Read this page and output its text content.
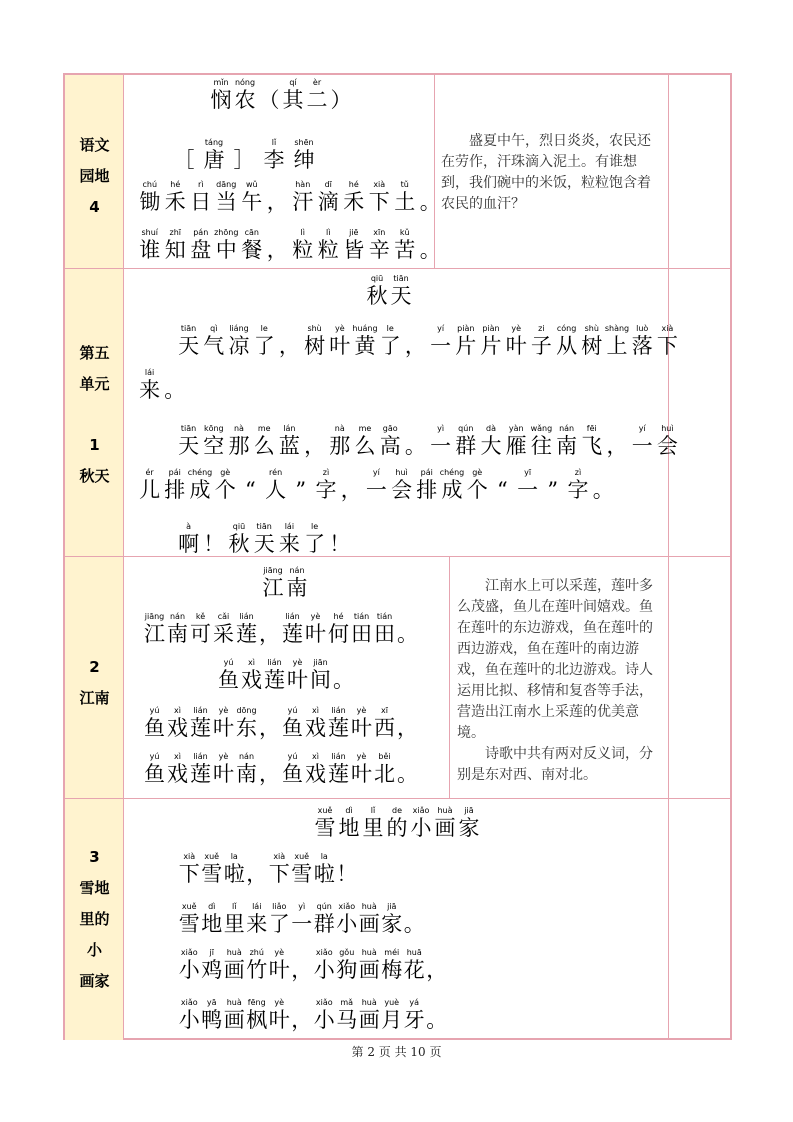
语文
园地
4

盛夏中午，烈日炎炎，农民还在劳作，汗珠滴入泥土。有谁想到，我们碗中的米饭，粒粒饱含着农民的血汗？

mǐn
悯
nóng
农 （
qí
其
èr
二 ）
［
táng
唐 ］
lǐ
李
shēn
绅
chú
锄
hé
禾
rì
日
dāng
当
wǔ
午 ，
hàn
汗
dī
滴
hé
禾
xià
下
tǔ
土 。
shuí
谁
zhī
知
pán
盘
zhōng
中
cān
餐 ，
lì
粒
lì
粒
jiē
皆
xīn
辛
kǔ
苦 。
第五
单元
1
秋天
qiū
秋
tiān
天
tiān
天
qì
气
liáng
凉
le
了 ，
shù
树
yè
叶
huáng
黄
le
了 ，
yí
一
piàn
片
piàn
片
yè
叶
zi
子
cóng
从
shù
树
shàng
上
luò
落
xià
下
lái
来 。
tiān
天
kōng
空
nà
那
me
么
lán
蓝 ，
nà
那
me
么
gāo
高 。
yì
一
qún
群
dà
大
yàn
雁
wǎng
往
nán
南
fēi
飞 ，
yí
一
huì
会
ér
儿
pái
排
chéng
成
gè
个 “
rén
人 ”
zì
字 ，
yí
一
huì
会
pái
排
chéng
成
gè
个 “
yī
一 ”
zì
字 。
à
啊 ！
qiū
秋
tiān
天
lái
来
le
了 ！
2
江南

江南水上可以采莲，莲叶多么茂盛，鱼儿在莲叶间嬉戏。鱼在莲叶的东边游戏，鱼在莲叶的西边游戏，鱼在莲叶的南边游戏，鱼在莲叶的北边游戏。诗人运用比拟、移情和复沓等手法，营造出江南水上采莲的优美意境。

诗歌中共有两对反义词，分别是东对西、南对北。

jiāng
江
nán
南
jiāng
江
nán
南
kě
可
cǎi
采
lián
莲 ，
lián
莲
yè
叶
hé
何
tián
田
tián
田 。
yú
鱼
xì
戏
lián
莲
yè
叶
jiān
间 。
yú
鱼
xì
戏
lián
莲
yè
叶
dōng
东 ，
yú
鱼
xì
戏
lián
莲
yè
叶
xī
西 ，
yú
鱼
xì
戏
lián
莲
yè
叶
nán
南 ，
yú
鱼
xì
戏
lián
莲
yè
叶
běi
北 。
3
雪地
里的
小
画家
xuě
雪
dì
地
lǐ
里
de
的
xiǎo
小
huà
画
jiā
家
xià
下
xuě
雪
la
啦 ，
xià
下
xuě
雪
la
啦 ！
xuě
雪
dì
地
lǐ
里
lái
来
liǎo
了
yì
一
qún
群
xiǎo
小
huà
画
jiā
家 。
xiǎo
小
jī
鸡
huà
画
zhú
竹
yè
叶 ，
xiǎo
小
gǒu
狗
huà
画
méi
梅
huā
花 ，
xiǎo
小
yā
鸭
huà
画
fēng
枫
yè
叶 ，
xiǎo
小
mǎ
马
huà
画
yuè
月
yá
牙 。
第 2 页 共 10 页
